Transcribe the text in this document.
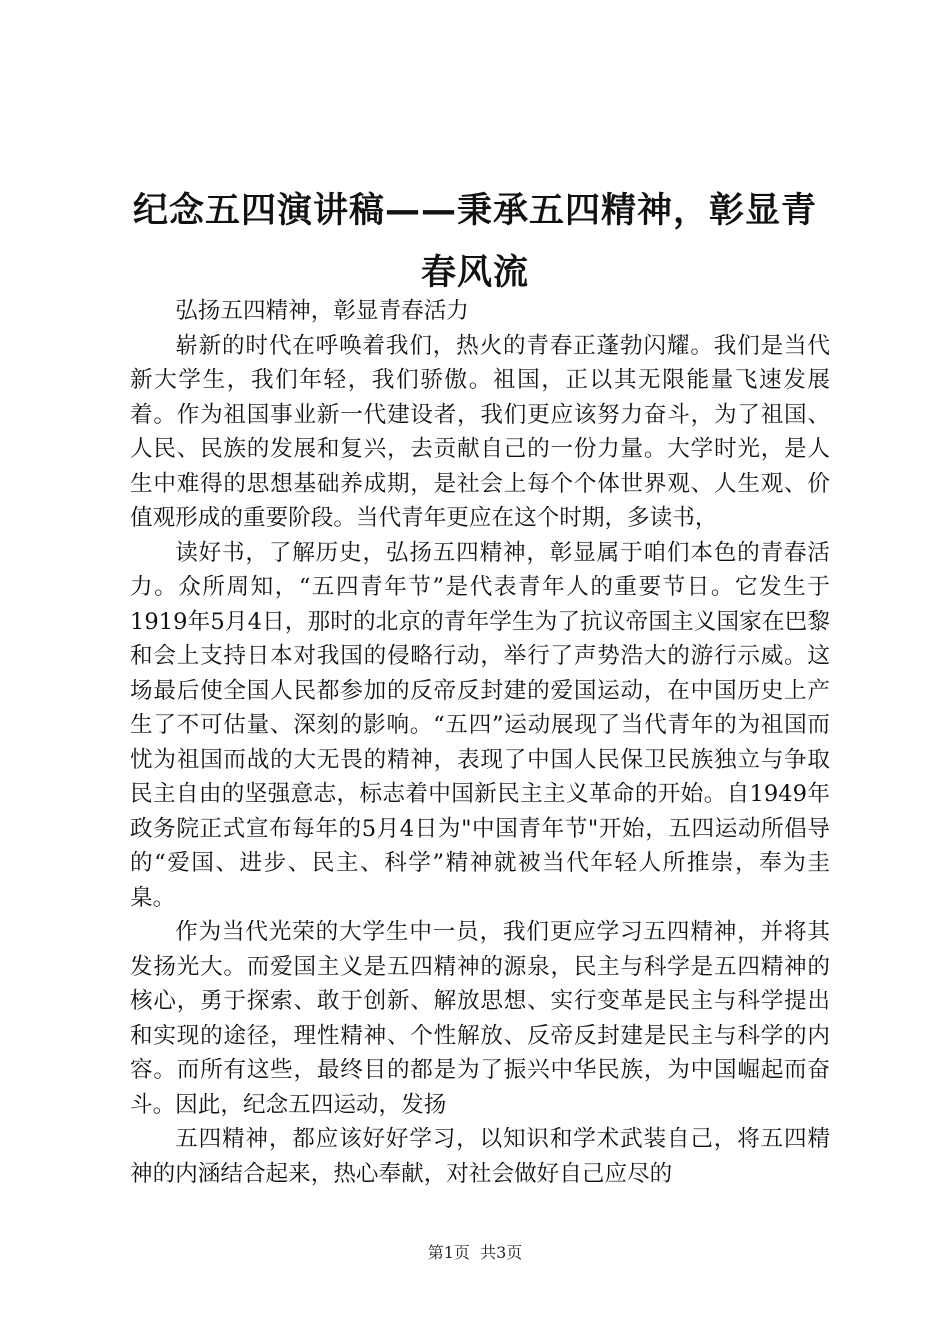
纪念五四演讲稿——秉承五四精神，彰显青春风流

弘扬五四精神，彰显青春活力

崭新的时代在呼唤着我们，热火的青春正蓬勃闪耀。我们是当代新大学生，我们年轻，我们骄傲。祖国，正以其无限能量飞速发展着。作为祖国事业新一代建设者，我们更应该努力奋斗，为了祖国、人民、民族的发展和复兴，去贡献自己的一份力量。大学时光，是人生中难得的思想基础养成期，是社会上每个个体世界观、人生观、价值观形成的重要阶段。当代青年更应在这个时期，多读书，

读好书，了解历史，弘扬五四精神，彰显属于咱们本色的青春活力。众所周知，“五四青年节”是代表青年人的重要节日。它发生于1919年5月4日，那时的北京的青年学生为了抗议帝国主义国家在巴黎和会上支持日本对我国的侵略行动，举行了声势浩大的游行示威。这场最后使全国人民都参加的反帝反封建的爱国运动，在中国历史上产生了不可估量、深刻的影响。“五四”运动展现了当代青年的为祖国而忧为祖国而战的大无畏的精神，表现了中国人民保卫民族独立与争取民主自由的坚强意志，标志着中国新民主主义革命的开始。自1949年政务院正式宣布每年的5月4日为"中国青年节"开始，五四运动所倡导的“爱国、进步、民主、科学”精神就被当代年轻人所推崇，奉为圭臬。

作为当代光荣的大学生中一员，我们更应学习五四精神，并将其发扬光大。而爱国主义是五四精神的源泉，民主与科学是五四精神的核心，勇于探索、敢于创新、解放思想、实行变革是民主与科学提出和实现的途径，理性精神、个性解放、反帝反封建是民主与科学的内容。而所有这些，最终目的都是为了振兴中华民族，为中国崛起而奋斗。因此，纪念五四运动，发扬

五四精神，都应该好好学习，以知识和学术武装自己，将五四精神的内涵结合起来，热心奉献，对社会做好自己应尽的

第1页 共3页
